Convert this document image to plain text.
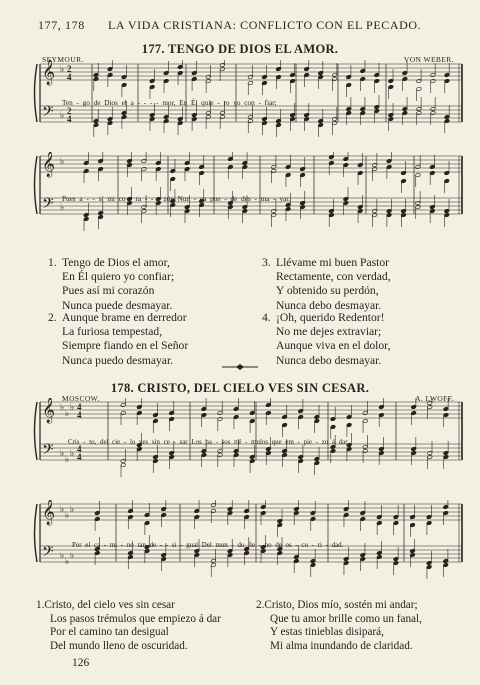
177, 178 LA VIDA CRISTIANA: CONFLICTO CON EL PECADO.
177. TENGO DE DIOS EL AMOR.
SEYMOUR.	VON WEBER.
𝄞
𝄢
♭
♭
2
4
2
4
Ten - go de Dios el a - - - - mor, En Él quie - ro yo con - fiar;
𝄞
𝄢
♭
♭
Pues a - - sí mi co - ra - - - zón Nun - ca pue - de des - ma - yar.
1. Tengo de Dios el amor,
En Él quiero yo confiar;
Pues así mi corazón
Nunca puede desmayar.
2. Aunque brame en derredor
La furiosa tempestad,
Siempre fiando en el Señor
Nunca puedo desmayar.
3. Llévame mi buen Pastor
Rectamente, con verdad,
Y obtenido su perdón,
Nunca debo desmayar.
4. ¡Oh, querido Redentor!
No me dejes extraviar;
Aunque viva en el dolor,
Nunca debo desmayar.
178. CRISTO, DEL CIELO VES SIN CESAR.
MOSCOW.	A. LWOFF.
𝄞
𝄢
♭
♭
♭
♭
♭
♭
4
4
4
4
Cris - to, del cie - lo ves sin ce - sar Los pa - sos tré - mulos que em - pie - zo á dar
𝄞
𝄢
♭
♭
♭
♭
♭
♭
Por el ca - mi - no tan de - - si - gual Del mun - do lle - no de os - cu - ri - dad.
1.Cristo, del cielo ves sin cesar
Los pasos trémulos que empiezo á dar
Por el camino tan desigual
Del mundo lleno de oscuridad.
2.Cristo, Dios mío, sostén mi andar;
Que tu amor brille como un fanal,
Y estas tinieblas disipará,
Mi alma inundando de claridad.
126
